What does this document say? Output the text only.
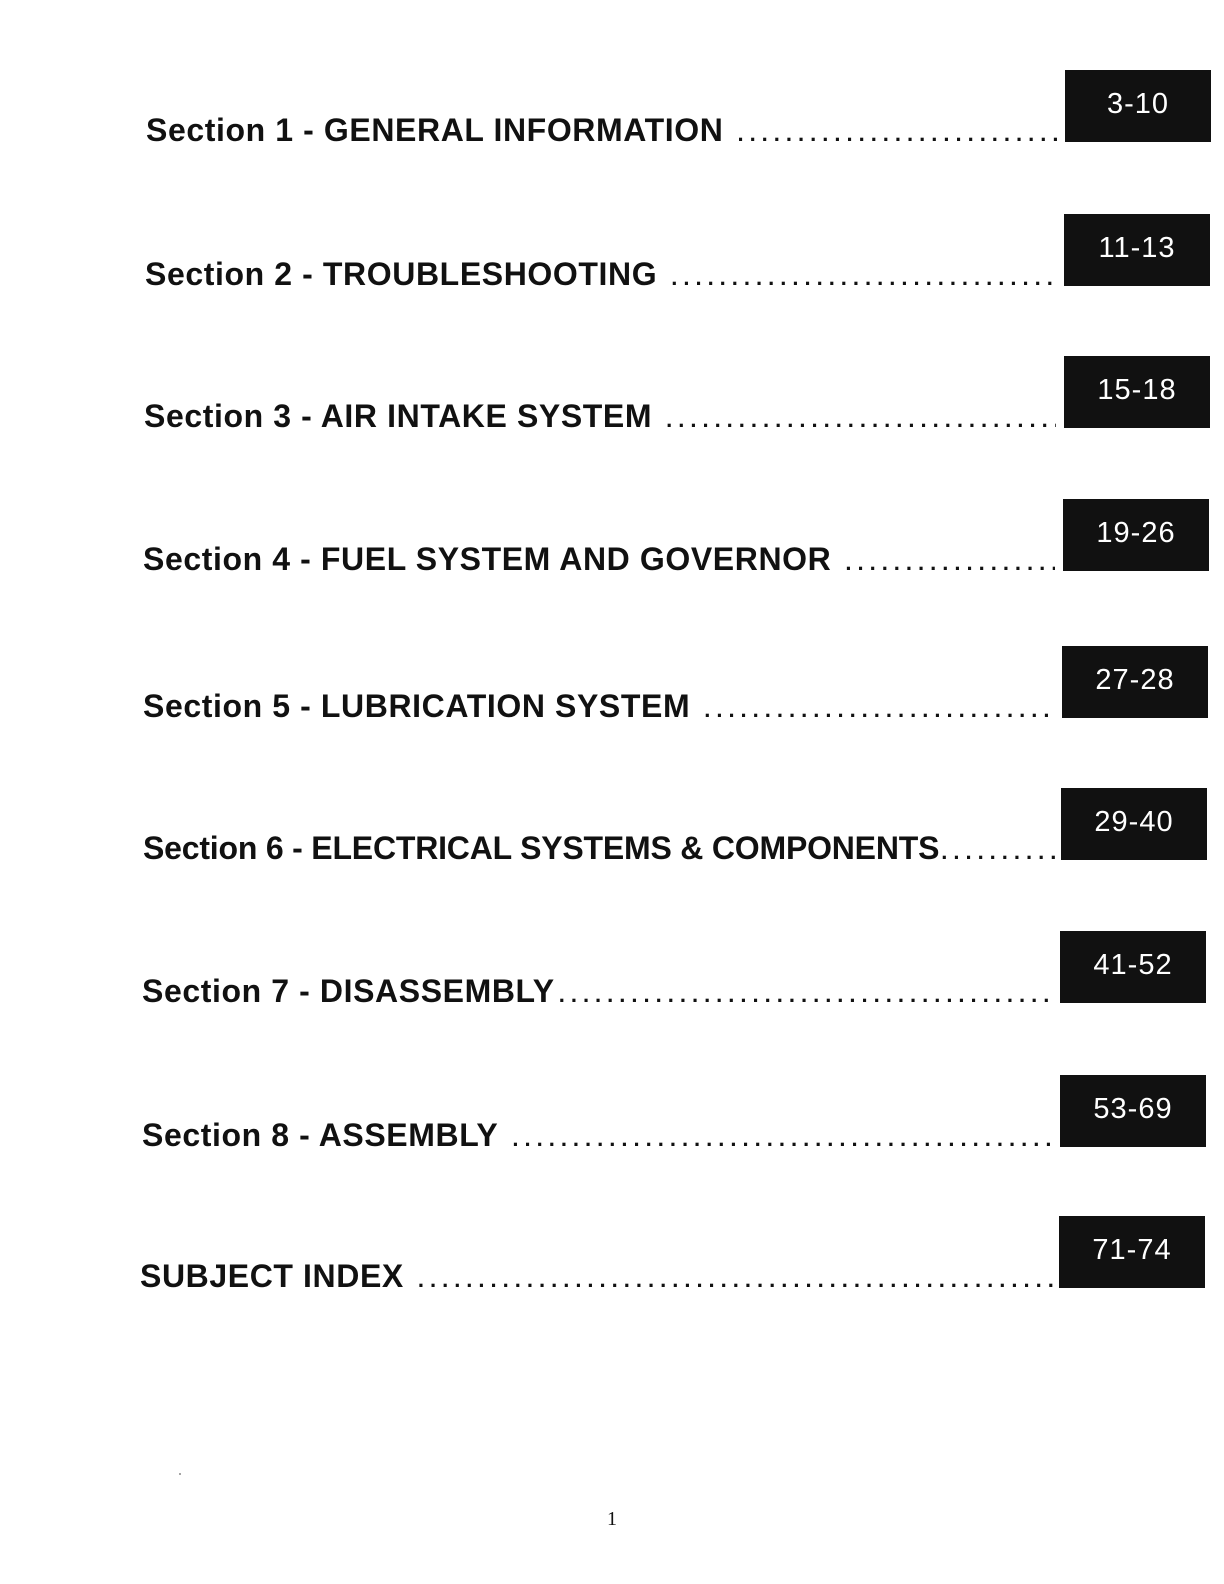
Section 1 - GENERAL INFORMATION
.....
3-10
Section 2 - TROUBLESHOOTING
.....
11-13
Section 3 - AIR INTAKE SYSTEM
.....
15-18
Section 4 - FUEL SYSTEM AND GOVERNOR
.....
19-26
Section 5 - LUBRICATION SYSTEM
.....
27-28
Section 6 - ELECTRICAL SYSTEMS & COMPONENTS
.....
29-40
Section 7 - DISASSEMBLY
.....
41-52
Section 8 - ASSEMBLY
.....
53-69
SUBJECT INDEX
.....
71-74
1
